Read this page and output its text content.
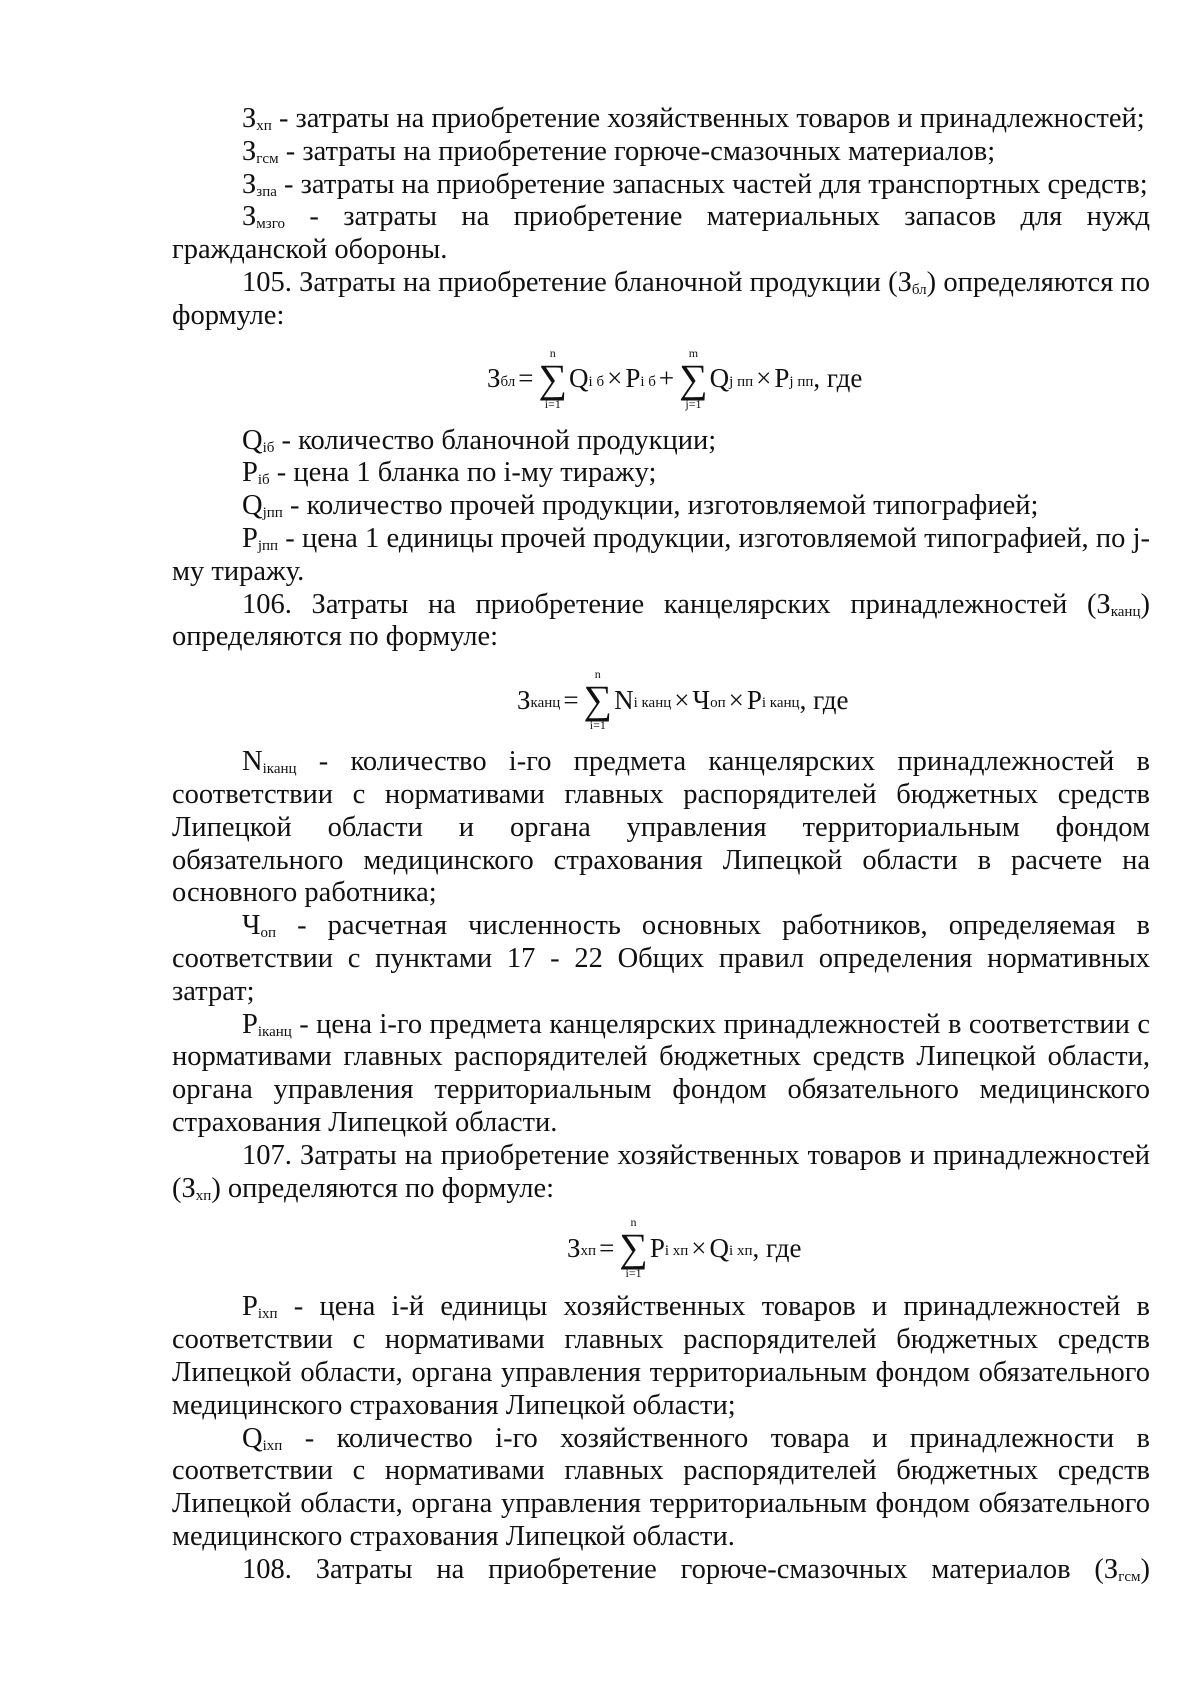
$З_{хп}$ - затраты на приобретение хозяйственных товаров и принадлежностей;

$З_{гсм}$ - затраты на приобретение горюче-смазочных материалов;

$З_{зпа}$ - затраты на приобретение запасных частей для транспортных средств;

$З_{мзго}$ - затраты на приобретение материальных запасов для нужд гражданской обороны.

105. Затраты на приобретение бланочной продукции $(З_{бл})$ определяются по формуле:

$З_{бл}$ =
n
∑
i=1
$Q_{i б} \times P_{i б}$ +
m
∑
j=1
$Q_{j пп} \times P_{j пп}$ , где

$Q_{iб}$ - количество бланочной продукции;

$P_{iб}$ - цена 1 бланка по i-му тиражу;

$Q_{jпп}$ - количество прочей продукции, изготовляемой типографией;

$P_{jпп}$ - цена 1 единицы прочей продукции, изготовляемой типографией, по j-му тиражу.

106. Затраты на приобретение канцелярских принадлежностей $(З_{канц})$ определяются по формуле:

$З_{канц}$ =
n
∑
i=1
$N_{i канц} \times Ч_{оп} \times P_{i канц}$ , где

$N_{iканц}$ - количество i-го предмета канцелярских принадлежностей в соответствии с нормативами главных распорядителей бюджетных средств Липецкой области и органа управления территориальным фондом обязательного медицинского страхования Липецкой области в расчете на основного работника;

$Ч_{оп}$ - расчетная численность основных работников, определяемая в соответствии с пунктами 17 - 22 Общих правил определения нормативных затрат;

$P_{iканц}$ - цена i-го предмета канцелярских принадлежностей в соответствии с нормативами главных распорядителей бюджетных средств Липецкой области, органа управления территориальным фондом обязательного медицинского страхования Липецкой области.

107. Затраты на приобретение хозяйственных товаров и принадлежностей $(З_{хп})$ определяются по формуле:

$З_{хп}$ =
n
∑
i=1
$P_{i хп} \times Q_{i хп}$ , где

$P_{iхп}$ - цена i-й единицы хозяйственных товаров и принадлежностей в соответствии с нормативами главных распорядителей бюджетных средств Липецкой области, органа управления территориальным фондом обязательного медицинского страхования Липецкой области;

$Q_{iхп}$ - количество i-го хозяйственного товара и принадлежности в соответствии с нормативами главных распорядителей бюджетных средств Липецкой области, органа управления территориальным фондом обязательного медицинского страхования Липецкой области.

108. Затраты на приобретение горюче-смазочных материалов $(З_{гсм})$
